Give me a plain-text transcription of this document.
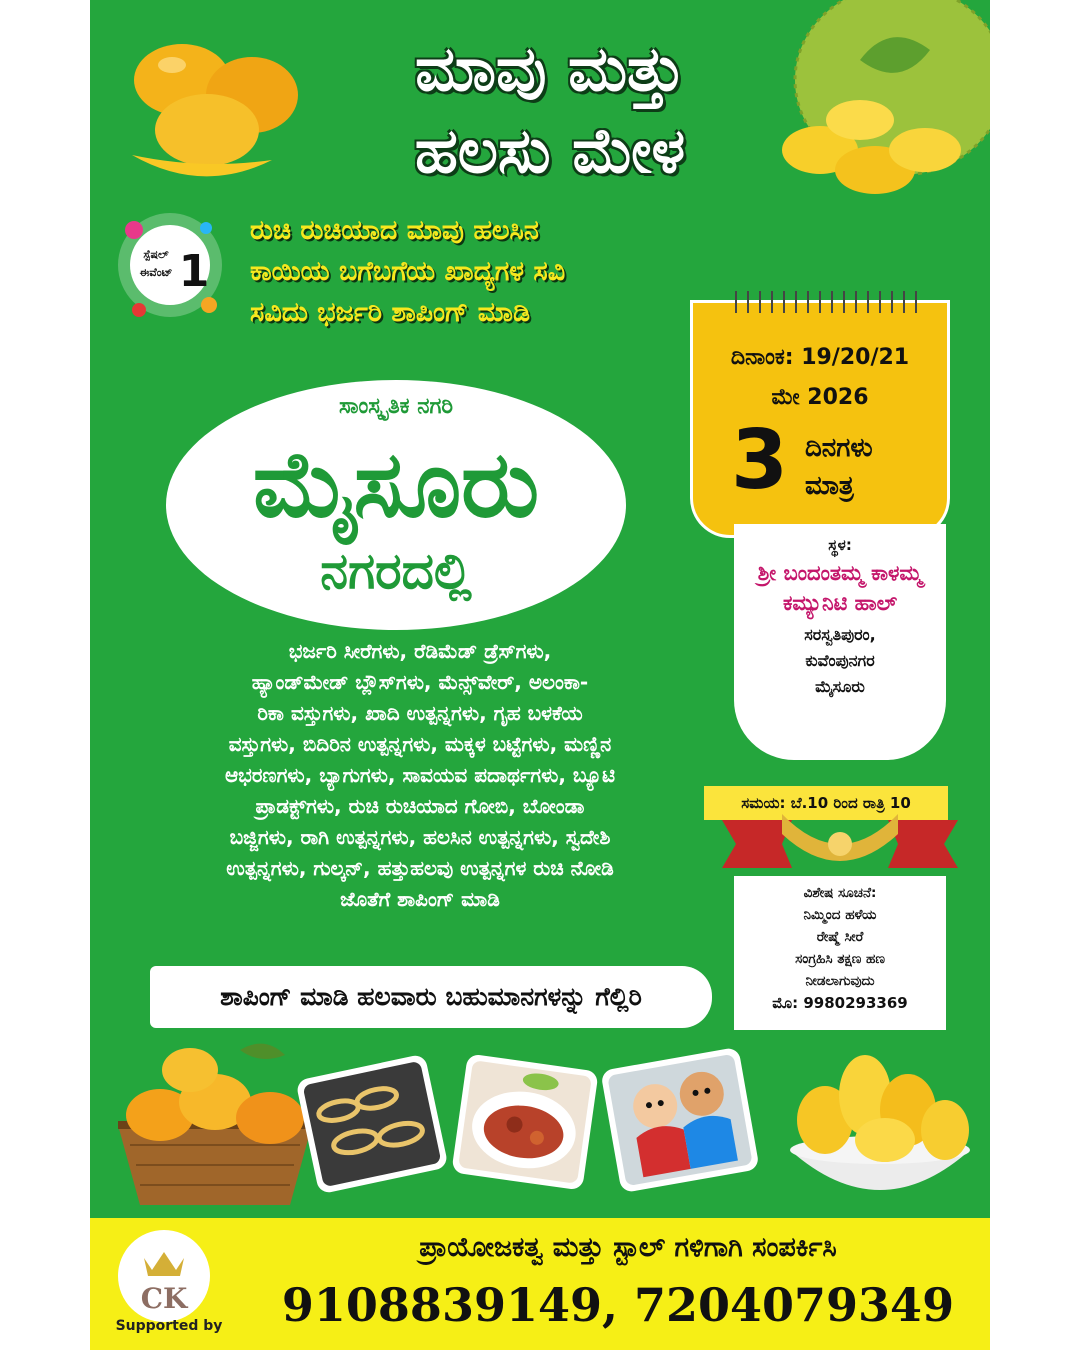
ಮಾವು ಮತ್ತು
ಹಲಸು ಮೇಳ
ಸ್ಪೆಷಲ್
ಈವೆಂಟ್ 1
ರುಚಿ ರುಚಿಯಾದ ಮಾವು ಹಲಸಿನ
ಕಾಯಿಯ ಬಗೆಬಗೆಯ ಖಾದ್ಯಗಳ ಸವಿ
ಸವಿದು ಭರ್ಜರಿ ಶಾಪಿಂಗ್ ಮಾಡಿ
ಸಾಂಸ್ಕೃತಿಕ ನಗರಿ
ಮೈಸೂರು
ನಗರದಲ್ಲಿ
ಭರ್ಜರಿ ಸೀರೆಗಳು, ರೆಡಿಮೆಡ್ ಡ್ರೆಸ್‌ಗಳು,
ಹ್ಯಾಂಡ್‌ಮೇಡ್ ಬ್ಲೌಸ್‌ಗಳು, ಮೆನ್ಸ್‌ವೇರ್, ಅಲಂಕಾ-
ರಿಕಾ ವಸ್ತುಗಳು, ಖಾದಿ ಉತ್ಪನ್ನಗಳು, ಗೃಹ ಬಳಕೆಯ
ವಸ್ತುಗಳು, ಬಿದಿರಿನ ಉತ್ಪನ್ನಗಳು, ಮಕ್ಕಳ ಬಟ್ಟೆಗಳು, ಮಣ್ಣಿನ
ಆಭರಣಗಳು, ಬ್ಯಾಗುಗಳು, ಸಾವಯವ ಪದಾರ್ಥಗಳು, ಬ್ಯೂಟಿ
ಪ್ರಾಡಕ್ಟ್‌ಗಳು, ರುಚಿ ರುಚಿಯಾದ ಗೋಬಿ, ಬೋಂಡಾ
ಬಜ್ಜಿಗಳು, ರಾಗಿ ಉತ್ಪನ್ನಗಳು, ಹಲಸಿನ ಉತ್ಪನ್ನಗಳು, ಸ್ವದೇಶಿ
ಉತ್ಪನ್ನಗಳು, ಗುಲ್ಕನ್, ಹತ್ತುಹಲವು ಉತ್ಪನ್ನಗಳ ರುಚಿ ನೋಡಿ
ಜೊತೆಗೆ ಶಾಪಿಂಗ್ ಮಾಡಿ
ಶಾಪಿಂಗ್ ಮಾಡಿ ಹಲವಾರು ಬಹುಮಾನಗಳನ್ನು ಗೆಲ್ಲಿರಿ
ದಿನಾಂಕ: 19/20/21
ಮೇ 2026
3 ದಿನಗಳು
ಮಾತ್ರ
ಸ್ಥಳ:
ಶ್ರೀ ಬಂದಂತಮ್ಮ ಕಾಳಮ್ಮ ಕಮ್ಯುನಿಟಿ ಹಾಲ್
ಸರಸ್ವತಿಪುರಂ,
ಕುವೆಂಪುನಗರ
ಮೈಸೂರು
ಸಮಯ: ಬೆ.10 ರಿಂದ ರಾತ್ರಿ 10
ವಿಶೇಷ ಸೂಚನೆ:
ನಿಮ್ಮಿಂದ ಹಳೆಯ
ರೇಷ್ಮೆ ಸೀರೆ
ಸಂಗ್ರಹಿಸಿ ತಕ್ಷಣ ಹಣ
ನೀಡಲಾಗುವುದು
ಮೊ: 9980293369
CK
Supported by
ಪ್ರಾಯೋಜಕತ್ವ ಮತ್ತು ಸ್ಟಾಲ್ ಗಳಿಗಾಗಿ ಸಂಪರ್ಕಿಸಿ
9108839149, 7204079349
